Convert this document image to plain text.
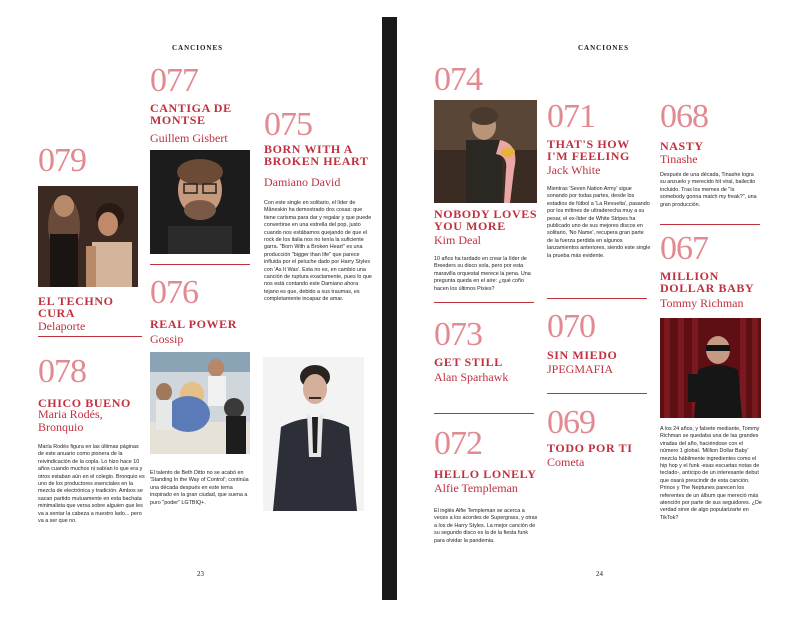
CANCIONES
079
EL TECHNO CURA
Delaporte
078
CHICO BUENO
Maria Rodés, Bronquio
María Rodés figura en las últimas páginas de este anuario como pionera de la reivindicación de la copla. Lo hizo hace 10 años cuando muchos ni sabían lo que era y otros estaban aún en el colegio. Bronquio es uno de los productores esenciales en la mezcla de electrónica y tradición. Ambos se sacan partido mutuamente en esta bachata minimalista que versa sobre alguien que les va a sentar la cabeza a nuestro lado... pero va a ser que no.
077
CANTIGA DE MONTSE
Guillem Gisbert
076
REAL POWER
Gossip
El talento de Beth Ditto no se acabó en 'Standing In the Way of Control'; continúa una década después en este tema inspirado en la gran ciudad, que suena a puro "poder" LGTBIQ+.
075
BORN WITH A BROKEN HEART
Damiano David
Con este single en solitario, el líder de Måneskin ha demostrado dos cosas: que tiene carisma para dar y regalar y que puede convertirse en una estrella del pop, justo cuando nos estábamos quejando de que el rock de los italia nos no tenía la suficiente garra. "Born With a Broken Heart" es una producción "bigger than life" que parece influida por el peluche dado por Harry Styles con 'As It Was'. Esta no es, en cambio una canción de ruptura exactamente, pues lo que nos está contando este Damiano ahora tejano es que, debido a sus traumas, es completamente incapaz de amar.
23
CANCIONES
074
NOBODY LOVES YOU MORE
Kim Deal
10 años ha tardado en crear la líder de Breeders su disco sola, pero por esta maravilla orquestal merece la pena. Una pregunta queda en el aire: ¿qué coño hacen los últimos Pixies?
073
GET STILL
Alan Sparhawk
072
HELLO LONELY
Alfie Templeman
El inglés Alfie Templeman se acerca a veces a los acordes de Supergrass, y otras a los de Harry Styles. La mejor canción de su segundo disco es la de la fiesta funk para olvidar la pandemia.
071
THAT'S HOW I'M FEELING
Jack White
Mientras 'Seven Nation Army' sigue sonando por todas partes, desde los estadios de fútbol a 'La Revuelta', pasando por los mítines de ultraderecha muy a su pesar, el ex-líder de White Stripes ha publicado uno de sus mejores discos en solitario, 'No Name', recupera gran parte de la fuerza perdida en algunos lanzamientos anteriores, siendo este single la prueba más evidente.
070
SIN MIEDO
JPEGMAFIA
069
TODO POR TI
Cometa
068
NASTY
Tinashe
Después de una década, Tinashe logra su anzuelo y merecido hit viral, bailecito incluido. Tras los memes de "Is somebody gonna match my freak?", una gran producción.
067
MILLION DOLLAR BABY
Tommy Richman
A los 24 años, y falsete mediante, Tommy Richman se quedaba una de las grandes viradas del año, haciéndose con el número 1 global. 'Million Dollar Baby' mezcla hábilmente ingredientes como el hip hop y el funk -esas escuetas notas de teclado-, anticipo de un interesante debut que osará prescindir de esta canción. Prince y The Neptunes parecen los referentes de un álbum que mereció más atención por parte de sus seguidores. ¿De verdad sirve de algo popularizarte en TikTok?
24
